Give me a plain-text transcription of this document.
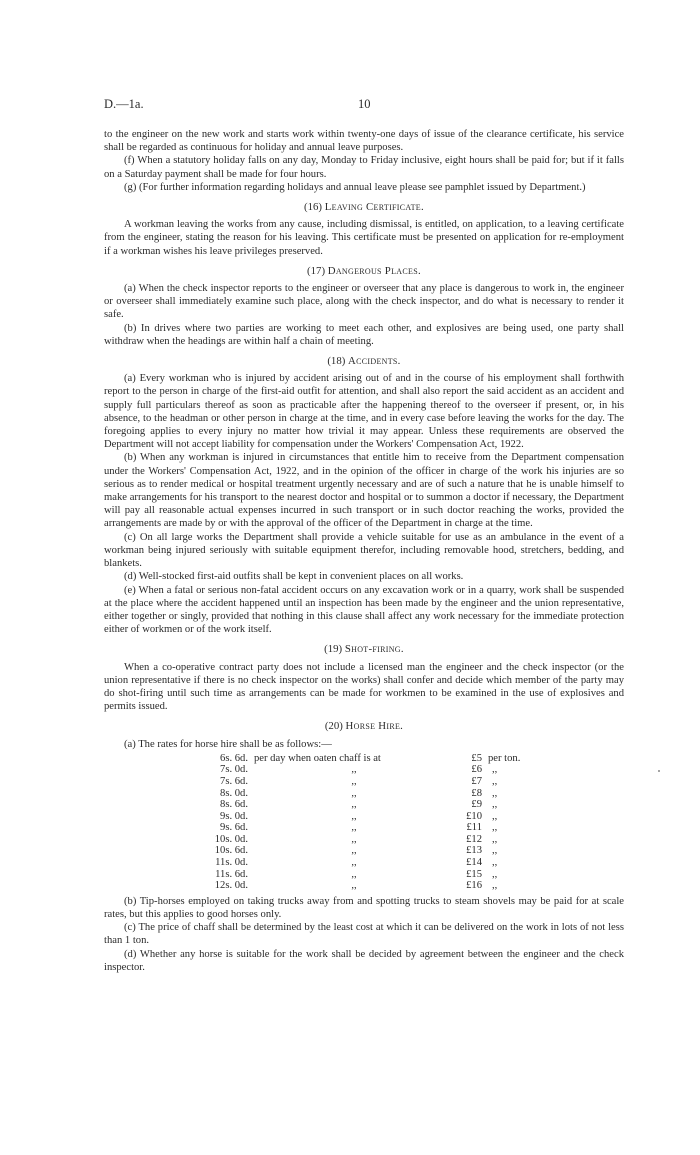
D.—1a.	10

to the engineer on the new work and starts work within twenty-one days of issue of the clearance certificate, his service shall be regarded as continuous for holiday and annual leave purposes.

(f) When a statutory holiday falls on any day, Monday to Friday inclusive, eight hours shall be paid for; but if it falls on a Saturday payment shall be made for four hours.

(g) (For further information regarding holidays and annual leave please see pamphlet issued by Department.)

(16) Leaving Certificate.

A workman leaving the works from any cause, including dismissal, is entitled, on application, to a leaving certificate from the engineer, stating the reason for his leaving. This certificate must be presented on application for re-employment if a workman wishes his leave privileges preserved.

(17) Dangerous Places.

(a) When the check inspector reports to the engineer or overseer that any place is dangerous to work in, the engineer or overseer shall immediately examine such place, along with the check inspector, and do what is necessary to render it safe.

(b) In drives where two parties are working to meet each other, and explosives are being used, one party shall withdraw when the headings are within half a chain of meeting.

(18) Accidents.

(a) Every workman who is injured by accident arising out of and in the course of his employment shall forthwith report to the person in charge of the first-aid outfit for attention, and shall also report the said accident as an accident and supply full particulars thereof as soon as practicable after the happening thereof to the overseer if present, or, in his absence, to the headman or other person in charge at the time, and in every case before leaving the works for the day. The foregoing applies to every injury no matter how trivial it may appear. Unless these requirements are observed the Department will not accept liability for compensation under the Workers' Compensation Act, 1922.

(b) When any workman is injured in circumstances that entitle him to receive from the Department compensation under the Workers' Compensation Act, 1922, and in the opinion of the officer in charge of the work his injuries are so serious as to render medical or hospital treatment urgently necessary and are of such a nature that he is unable himself to make arrangements for his transport to the nearest doctor and hospital or to summon a doctor if necessary, the Department will pay all reasonable actual expenses incurred in such transport or in such doctor reaching the works, provided the arrangements are made by or with the approval of the officer of the Department in charge at the time.

(c) On all large works the Department shall provide a vehicle suitable for use as an ambulance in the event of a workman being injured seriously with suitable equipment therefor, including removable hood, stretchers, bedding, and blankets.

(d) Well-stocked first-aid outfits shall be kept in convenient places on all works.

(e) When a fatal or serious non-fatal accident occurs on any excavation work or in a quarry, work shall be suspended at the place where the accident happened until an inspection has been made by the engineer and the union representative, either together or singly, provided that nothing in this clause shall affect any work necessary for the immediate protection either of workmen or of the work itself.

(19) Shot-firing.

When a co-operative contract party does not include a licensed man the engineer and the check inspector (or the union representative if there is no check inspector on the works) shall confer and decide which member of the party may do shot-firing until such time as arrangements can be made for workmen to be examined in the use of explosives and permits issued.

(20) Horse Hire.

(a) The rates for horse hire shall be as follows:—

6s. 6d.	per day when oaten chaff is at	£5	per ton.
7s. 0d.	,,	£6	,,
7s. 6d.	,,	£7	,,
8s. 0d.	,,	£8	,,
8s. 6d.	,,	£9	,,
9s. 0d.	,,	£10	,,
9s. 6d.	,,	£11	,,
10s. 0d.	,,	£12	,,
10s. 6d.	,,	£13	,,
11s. 0d.	,,	£14	,,
11s. 6d.	,,	£15	,,
12s. 0d.	,,	£16	,,

(b) Tip-horses employed on taking trucks away from and spotting trucks to steam shovels may be paid for at scale rates, but this applies to good horses only.

(c) The price of chaff shall be determined by the least cost at which it can be delivered on the work in lots of not less than 1 ton.

(d) Whether any horse is suitable for the work shall be decided by agreement between the engineer and the check inspector.
